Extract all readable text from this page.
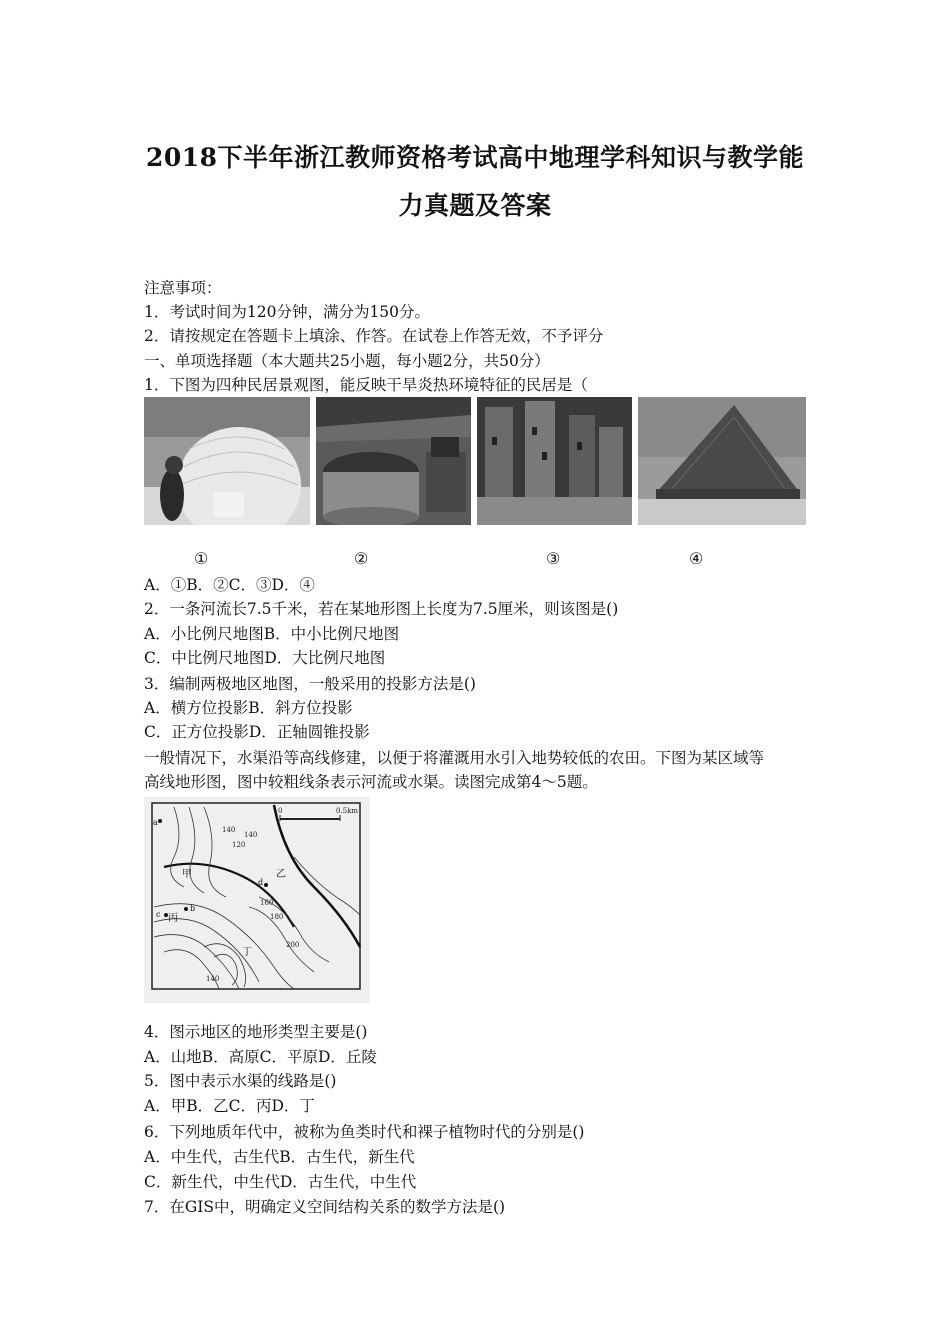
2018下半年浙江教师资格考试高中地理学科知识与教学能
力真题及答案
注意事项：
1．考试时间为120分钟，满分为150分。
2．请按规定在答题卡上填涂、作答。在试卷上作答无效，不予评分
一、单项选择题（本大题共25小题，每小题2分，共50分）
1．下图为四种民居景观图，能反映干旱炎热环境特征的民居是（
①	②	③	④
A．①B．②C．③D．④
2．一条河流长7.5千米，若在某地形图上长度为7.5厘米，则该图是()
A．小比例尺地图B．中小比例尺地图
C．中比例尺地图D．大比例尺地图
3．编制两极地区地图，一般采用的投影方法是()
A．横方位投影B．斜方位投影
C．正方位投影D．正轴圆锥投影
一般情况下，水渠沿等高线修建，以便于将灌溉用水引入地势较低的农田。下图为某区域等
高线地形图，图中较粗线条表示河流或水渠。读图完成第4～5题。
0	0.5km
140
120
140
160
180
200
140
甲	乙
丙
丁
a
b
c
d
4．图示地区的地形类型主要是()
A．山地B．高原C．平原D．丘陵
5．图中表示水渠的线路是()
A．甲B．乙C．丙D．丁
6．下列地质年代中，被称为鱼类时代和裸子植物时代的分别是()
A．中生代，古生代B．古生代，新生代
C．新生代，中生代D．古生代，中生代
7．在GIS中，明确定义空间结构关系的数学方法是()
